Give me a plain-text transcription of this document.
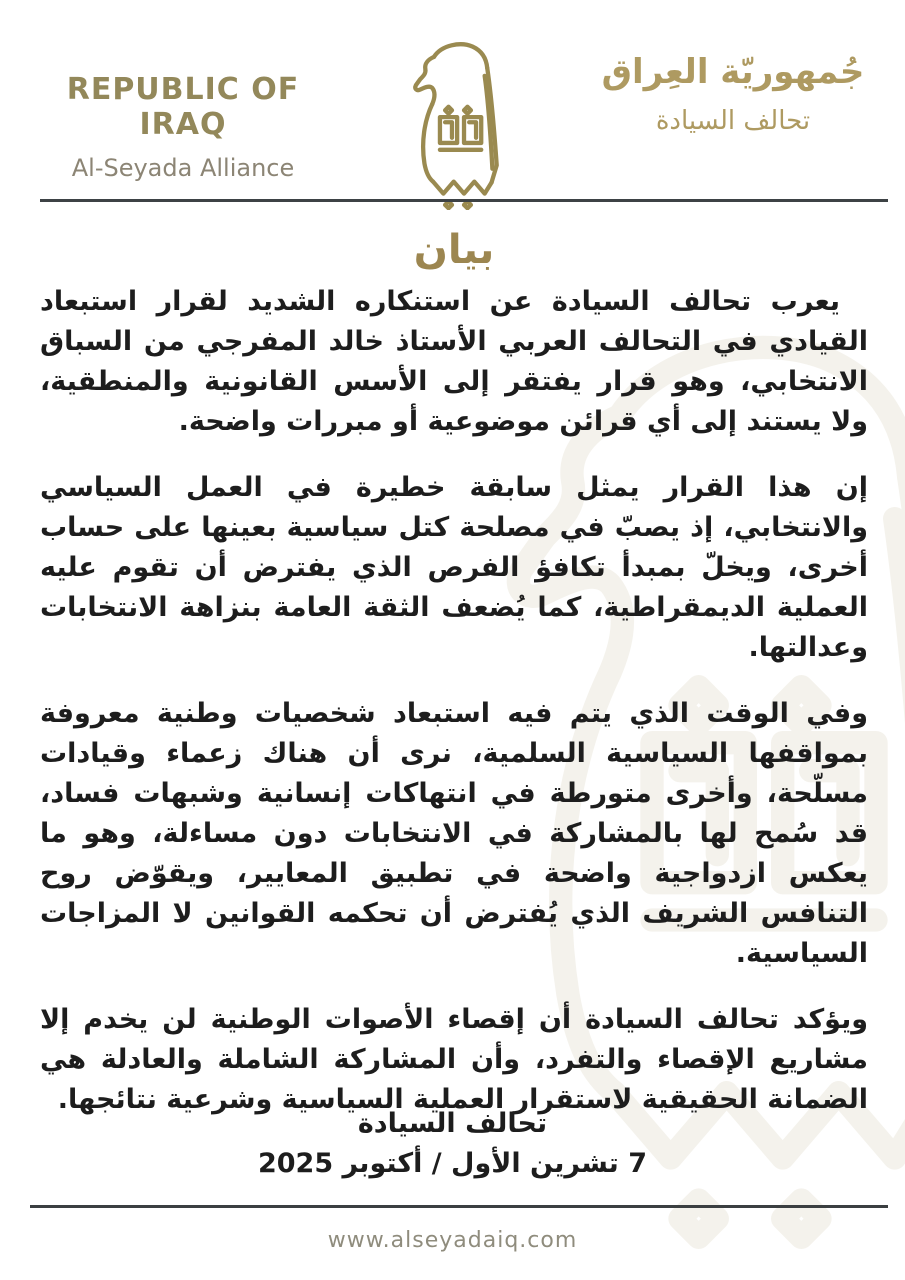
REPUBLIC OF IRAQ
Al-Seyada Alliance
جُمهوريّة العِراق
تحالف السيادة
بيان

يعرب تحالف السيادة عن استنكاره الشديد لقرار استبعاد القيادي في التحالف العربي الأستاذ خالد المفرجي من السباق الانتخابي، وهو قرار يفتقر إلى الأسس القانونية والمنطقية، ولا يستند إلى أي قرائن موضوعية أو مبررات واضحة.

إن هذا القرار يمثل سابقة خطيرة في العمل السياسي والانتخابي، إذ يصبّ في مصلحة كتل سياسية بعينها على حساب أخرى، ويخلّ بمبدأ تكافؤ الفرص الذي يفترض أن تقوم عليه العملية الديمقراطية، كما يُضعف الثقة العامة بنزاهة الانتخابات وعدالتها.

وفي الوقت الذي يتم فيه استبعاد شخصيات وطنية معروفة بمواقفها السياسية السلمية، نرى أن هناك زعماء وقيادات مسلّحة، وأخرى متورطة في انتهاكات إنسانية وشبهات فساد، قد سُمح لها بالمشاركة في الانتخابات دون مساءلة، وهو ما يعكس ازدواجية واضحة في تطبيق المعايير، ويقوّض روح التنافس الشريف الذي يُفترض أن تحكمه القوانين لا المزاجات السياسية.

ويؤكد تحالف السيادة أن إقصاء الأصوات الوطنية لن يخدم إلا مشاريع الإقصاء والتفرد، وأن المشاركة الشاملة والعادلة هي الضمانة الحقيقية لاستقرار العملية السياسية وشرعية نتائجها.

تحالف السيادة
7 تشرين الأول / أكتوبر 2025
www.alseyadaiq.com
